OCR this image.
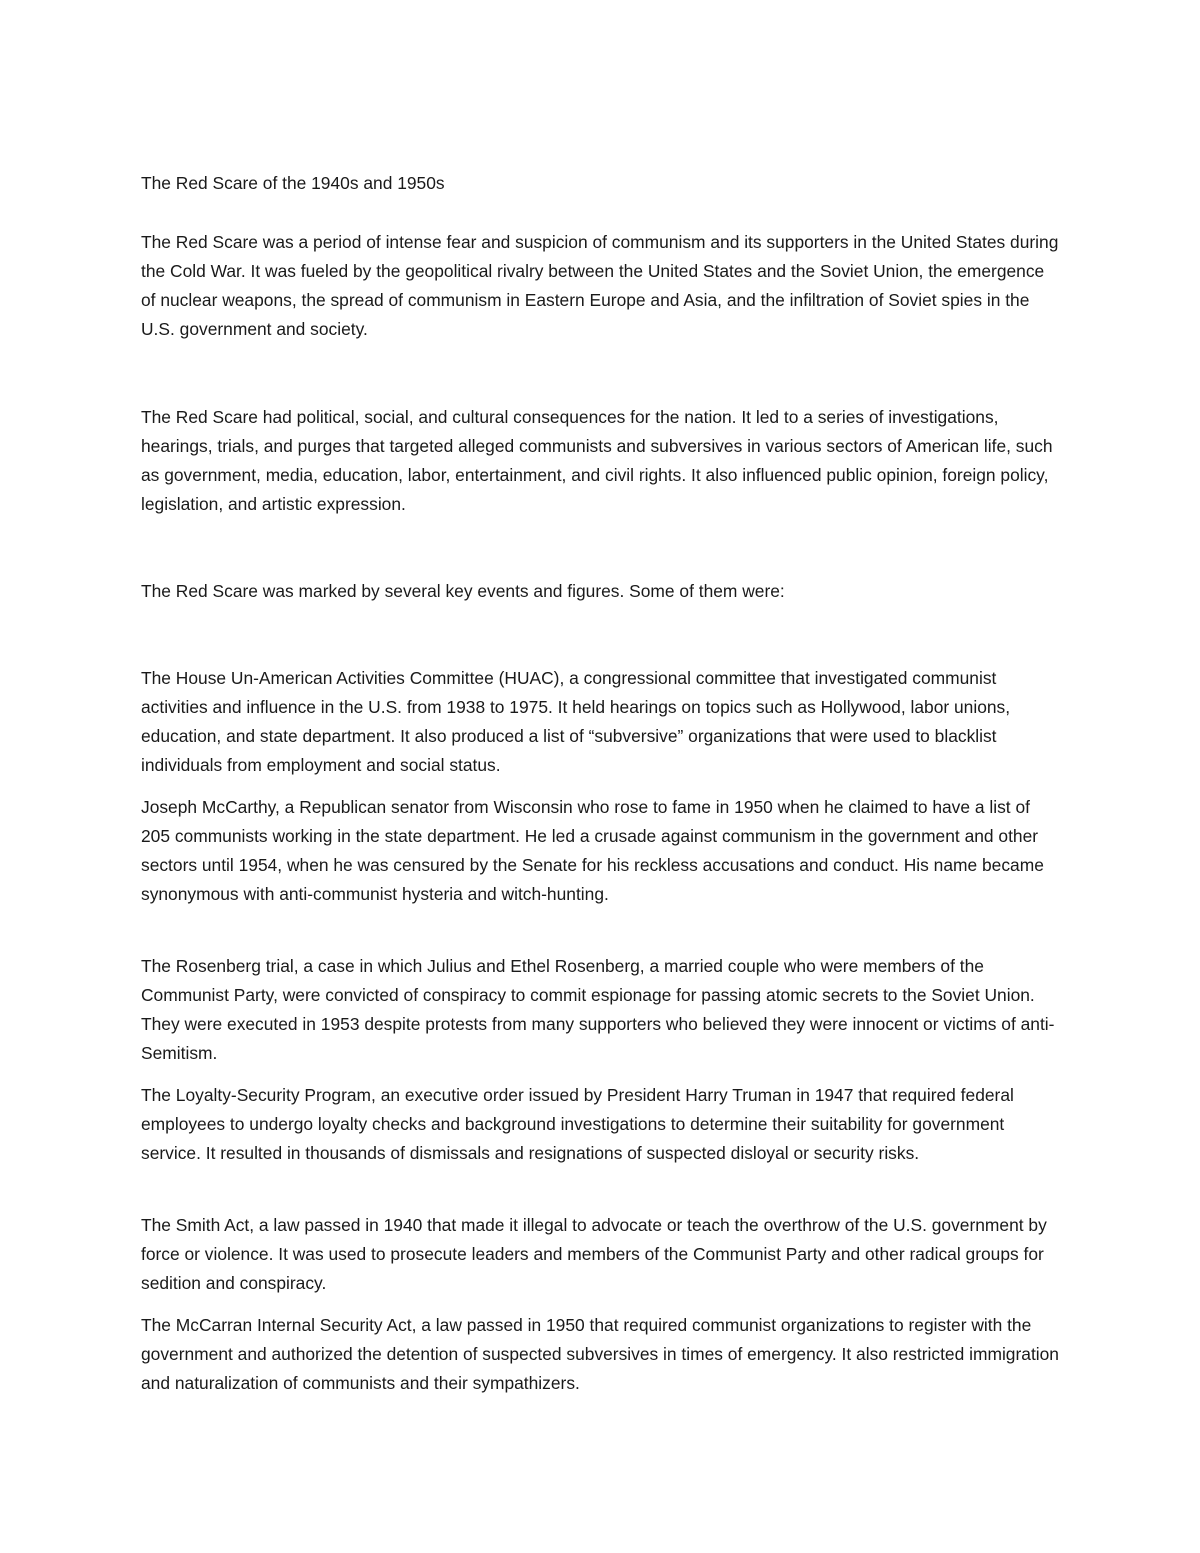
The Red Scare of the 1940s and 1950s

The Red Scare was a period of intense fear and suspicion of communism and its supporters in the United States during the Cold War. It was fueled by the geopolitical rivalry between the United States and the Soviet Union, the emergence of nuclear weapons, the spread of communism in Eastern Europe and Asia, and the infiltration of Soviet spies in the U.S. government and society.

The Red Scare had political, social, and cultural consequences for the nation. It led to a series of investigations, hearings, trials, and purges that targeted alleged communists and subversives in various sectors of American life, such as government, media, education, labor, entertainment, and civil rights. It also influenced public opinion, foreign policy, legislation, and artistic expression.

The Red Scare was marked by several key events and figures. Some of them were:

The House Un-American Activities Committee (HUAC), a congressional committee that investigated communist activities and influence in the U.S. from 1938 to 1975. It held hearings on topics such as Hollywood, labor unions, education, and state department. It also produced a list of “subversive” organizations that were used to blacklist individuals from employment and social status.

Joseph McCarthy, a Republican senator from Wisconsin who rose to fame in 1950 when he claimed to have a list of 205 communists working in the state department. He led a crusade against communism in the government and other sectors until 1954, when he was censured by the Senate for his reckless accusations and conduct. His name became synonymous with anti-communist hysteria and witch-hunting.

The Rosenberg trial, a case in which Julius and Ethel Rosenberg, a married couple who were members of the Communist Party, were convicted of conspiracy to commit espionage for passing atomic secrets to the Soviet Union. They were executed in 1953 despite protests from many supporters who believed they were innocent or victims of anti-Semitism.

The Loyalty-Security Program, an executive order issued by President Harry Truman in 1947 that required federal employees to undergo loyalty checks and background investigations to determine their suitability for government service. It resulted in thousands of dismissals and resignations of suspected disloyal or security risks.

The Smith Act, a law passed in 1940 that made it illegal to advocate or teach the overthrow of the U.S. government by force or violence. It was used to prosecute leaders and members of the Communist Party and other radical groups for sedition and conspiracy.

The McCarran Internal Security Act, a law passed in 1950 that required communist organizations to register with the government and authorized the detention of suspected subversives in times of emergency. It also restricted immigration and naturalization of communists and their sympathizers.
